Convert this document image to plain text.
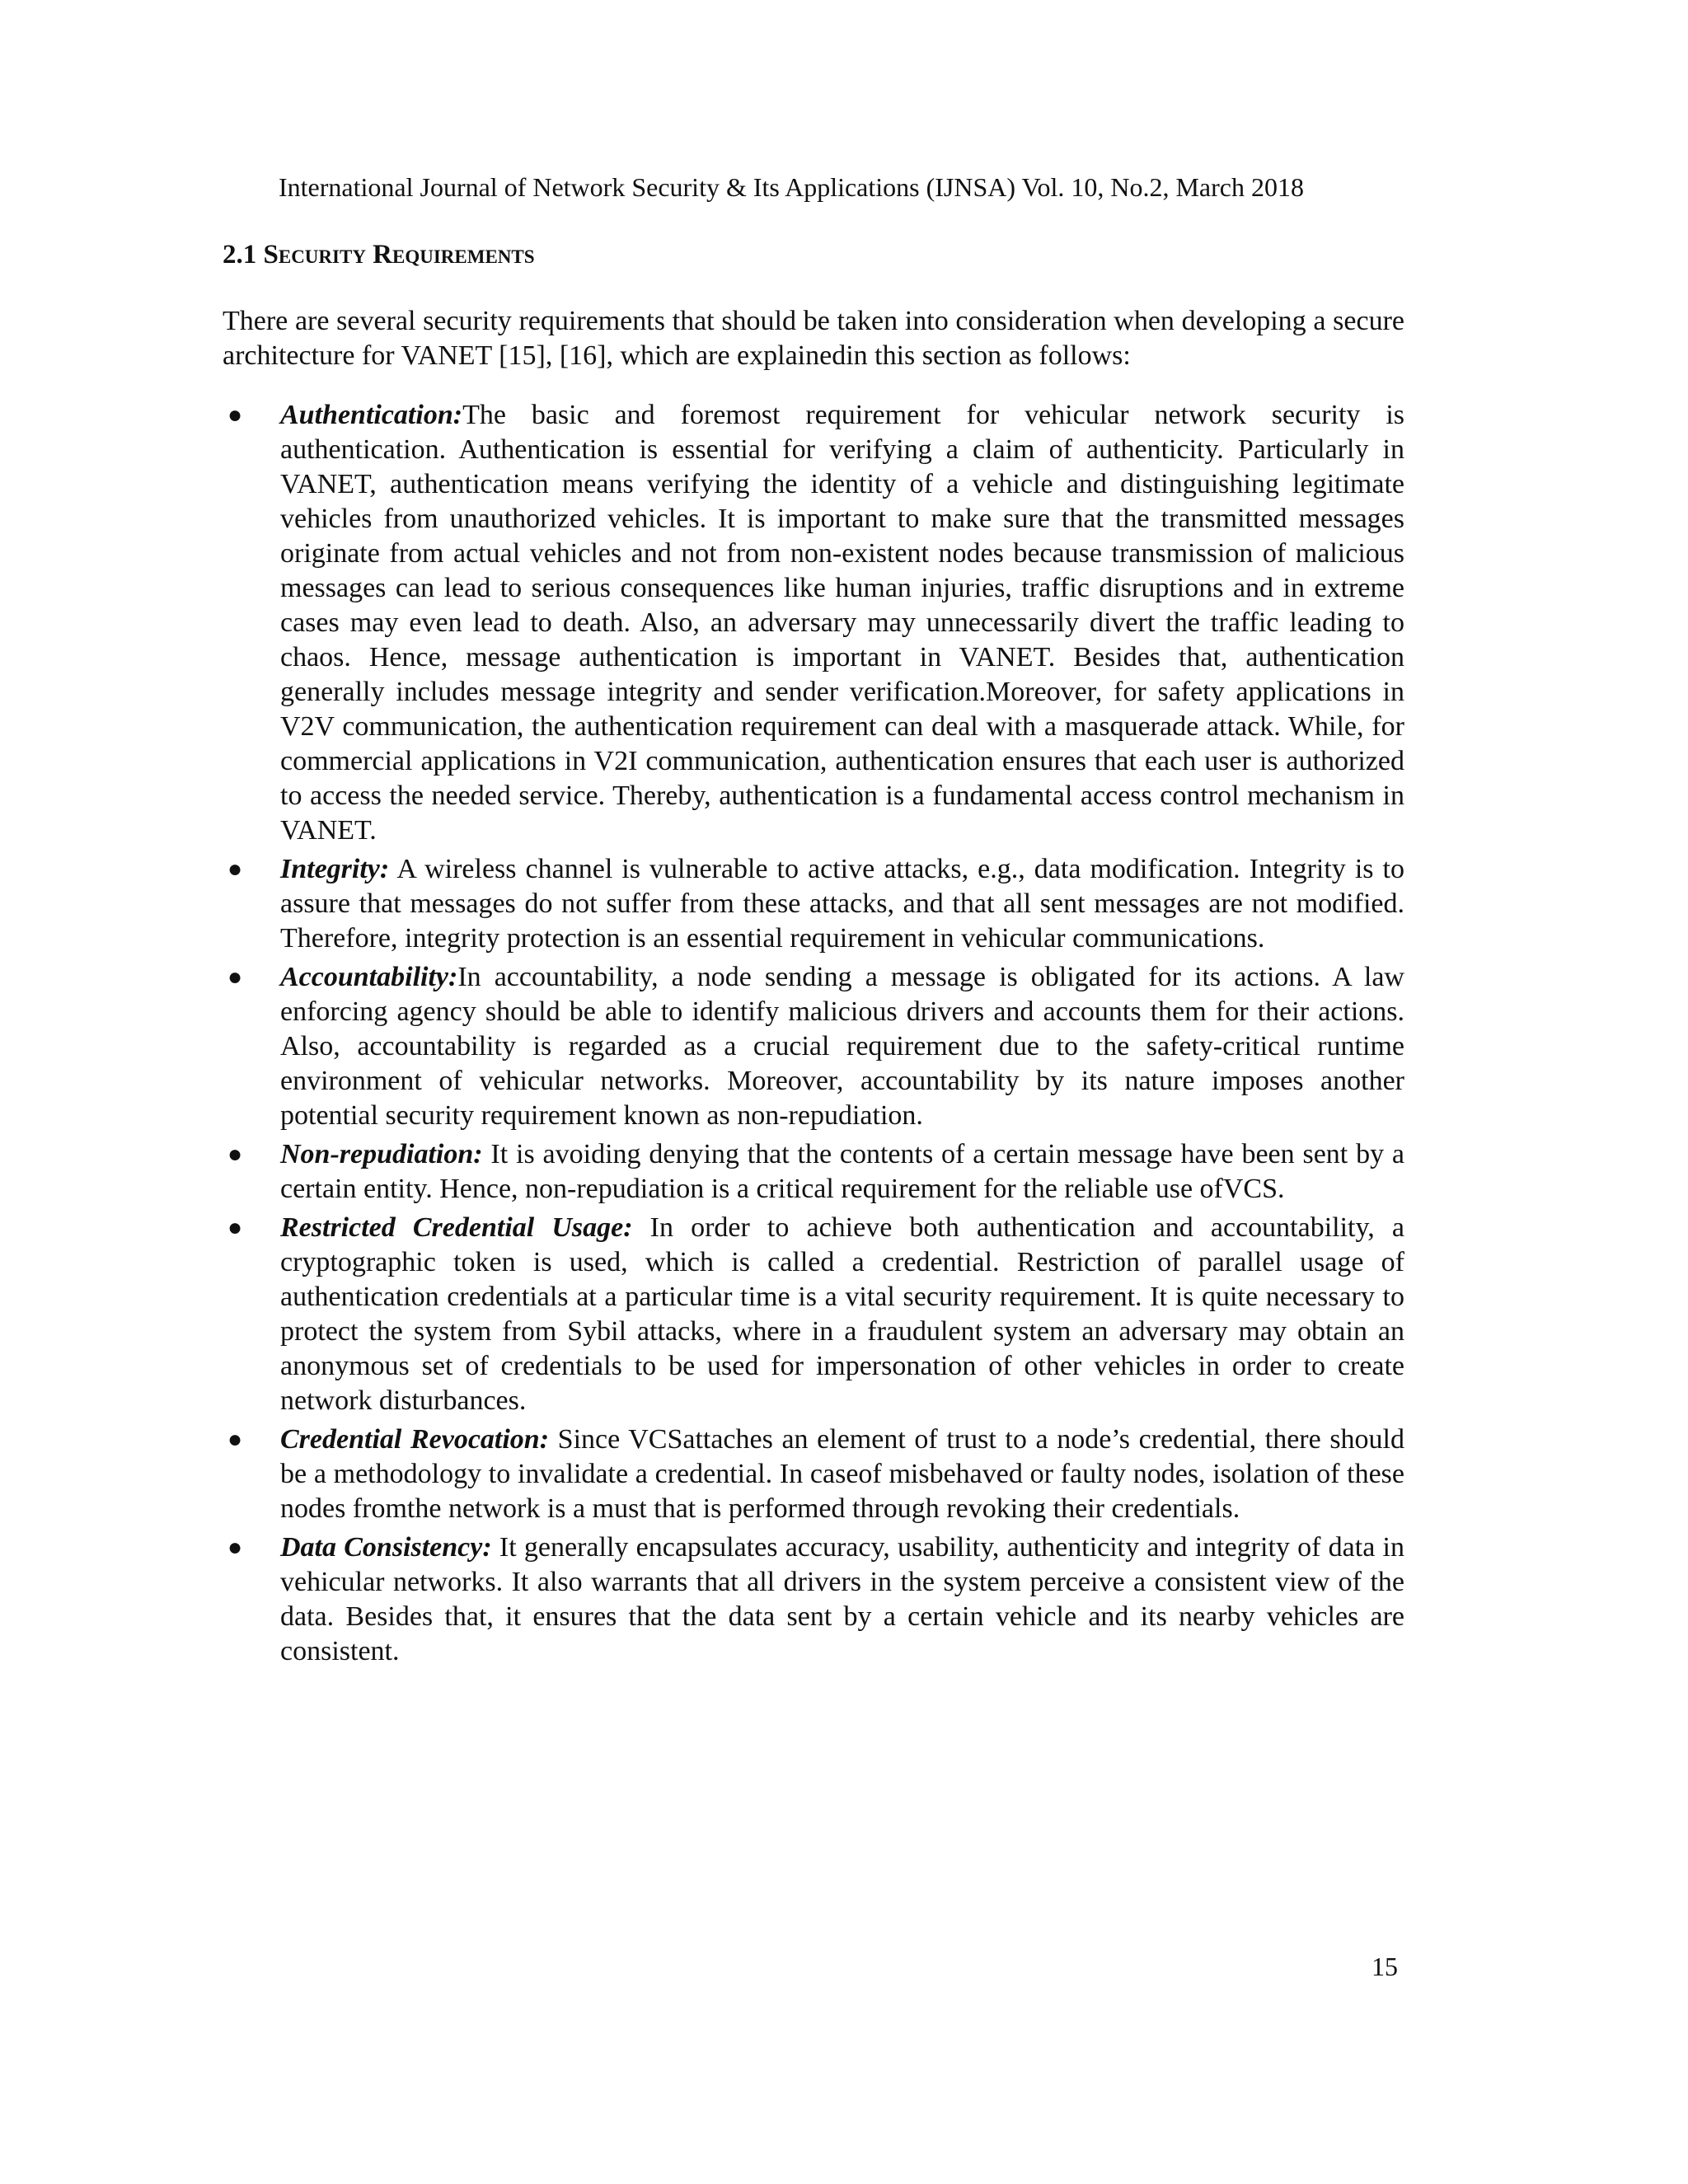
International Journal of Network Security & Its Applications (IJNSA) Vol. 10, No.2, March 2018
2.1 Security Requirements

There are several security requirements that should be taken into consideration when developing a secure architecture for VANET [15], [16], which are explainedin this section as follows:

● Authentication:The basic and foremost requirement for vehicular network security is authentication. Authentication is essential for verifying a claim of authenticity. Particularly in VANET, authentication means verifying the identity of a vehicle and distinguishing legitimate vehicles from unauthorized vehicles. It is important to make sure that the transmitted messages originate from actual vehicles and not from non-existent nodes because transmission of malicious messages can lead to serious consequences like human injuries, traffic disruptions and in extreme cases may even lead to death. Also, an adversary may unnecessarily divert the traffic leading to chaos. Hence, message authentication is important in VANET. Besides that, authentication generally includes message integrity and sender verification.Moreover, for safety applications in V2V communication, the authentication requirement can deal with a masquerade attack. While, for commercial applications in V2I communication, authentication ensures that each user is authorized to access the needed service. Thereby, authentication is a fundamental access control mechanism in VANET.
● Integrity: A wireless channel is vulnerable to active attacks, e.g., data modification. Integrity is to assure that messages do not suffer from these attacks, and that all sent messages are not modified. Therefore, integrity protection is an essential requirement in vehicular communications.
● Accountability:In accountability, a node sending a message is obligated for its actions. A law enforcing agency should be able to identify malicious drivers and accounts them for their actions. Also, accountability is regarded as a crucial requirement due to the safety-critical runtime environment of vehicular networks. Moreover, accountability by its nature imposes another potential security requirement known as non-repudiation.
● Non-repudiation: It is avoiding denying that the contents of a certain message have been sent by a certain entity. Hence, non-repudiation is a critical requirement for the reliable use ofVCS.
● Restricted Credential Usage: In order to achieve both authentication and accountability, a cryptographic token is used, which is called a credential. Restriction of parallel usage of authentication credentials at a particular time is a vital security requirement. It is quite necessary to protect the system from Sybil attacks, where in a fraudulent system an adversary may obtain an anonymous set of credentials to be used for impersonation of other vehicles in order to create network disturbances.
● Credential Revocation: Since VCSattaches an element of trust to a node’s credential, there should be a methodology to invalidate a credential. In caseof misbehaved or faulty nodes, isolation of these nodes fromthe network is a must that is performed through revoking their credentials.
● Data Consistency: It generally encapsulates accuracy, usability, authenticity and integrity of data in vehicular networks. It also warrants that all drivers in the system perceive a consistent view of the data. Besides that, it ensures that the data sent by a certain vehicle and its nearby vehicles are consistent.
15
